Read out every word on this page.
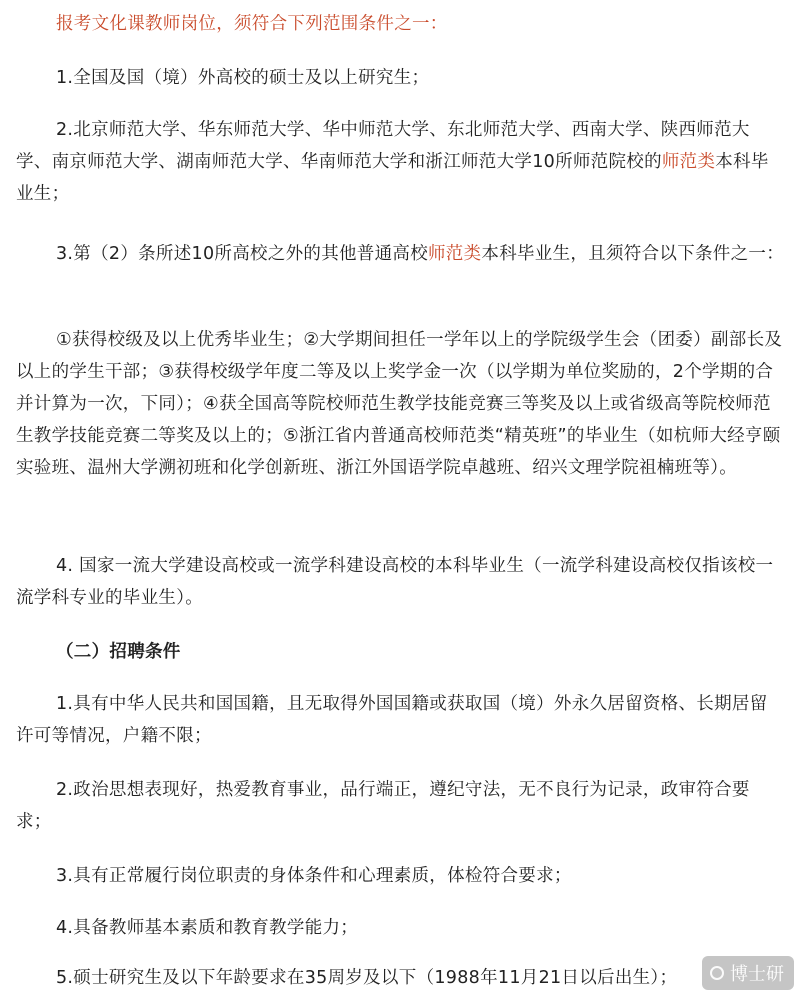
报考文化课教师岗位，须符合下列范围条件之一：

1.全国及国（境）外高校的硕士及以上研究生；

2.北京师范大学、华东师范大学、华中师范大学、东北师范大学、西南大学、陕西师范大学、南京师范大学、湖南师范大学、华南师范大学和浙江师范大学10所师范院校的师范类本科毕业生；

3.第（2）条所述10所高校之外的其他普通高校师范类本科毕业生，且须符合以下条件之一：

①获得校级及以上优秀毕业生；②大学期间担任一学年以上的学院级学生会（团委）副部长及以上的学生干部；③获得校级学年度二等及以上奖学金一次（以学期为单位奖励的，2个学期的合并计算为一次，下同）；④获全国高等院校师范生教学技能竞赛三等奖及以上或省级高等院校师范生教学技能竞赛二等奖及以上的；⑤浙江省内普通高校师范类“精英班”的毕业生（如杭师大经亨颐实验班、温州大学溯初班和化学创新班、浙江外国语学院卓越班、绍兴文理学院祖楠班等）。

4. 国家一流大学建设高校或一流学科建设高校的本科毕业生（一流学科建设高校仅指该校一流学科专业的毕业生）。

（二）招聘条件

1.具有中华人民共和国国籍，且无取得外国国籍或获取国（境）外永久居留资格、长期居留许可等情况，户籍不限；

2.政治思想表现好，热爱教育事业，品行端正，遵纪守法，无不良行为记录，政审符合要求；

3.具有正常履行岗位职责的身体条件和心理素质，体检符合要求；

4.具备教师基本素质和教育教学能力；

5.硕士研究生及以下年龄要求在35周岁及以下（1988年11月21日以后出生）；	博士研
